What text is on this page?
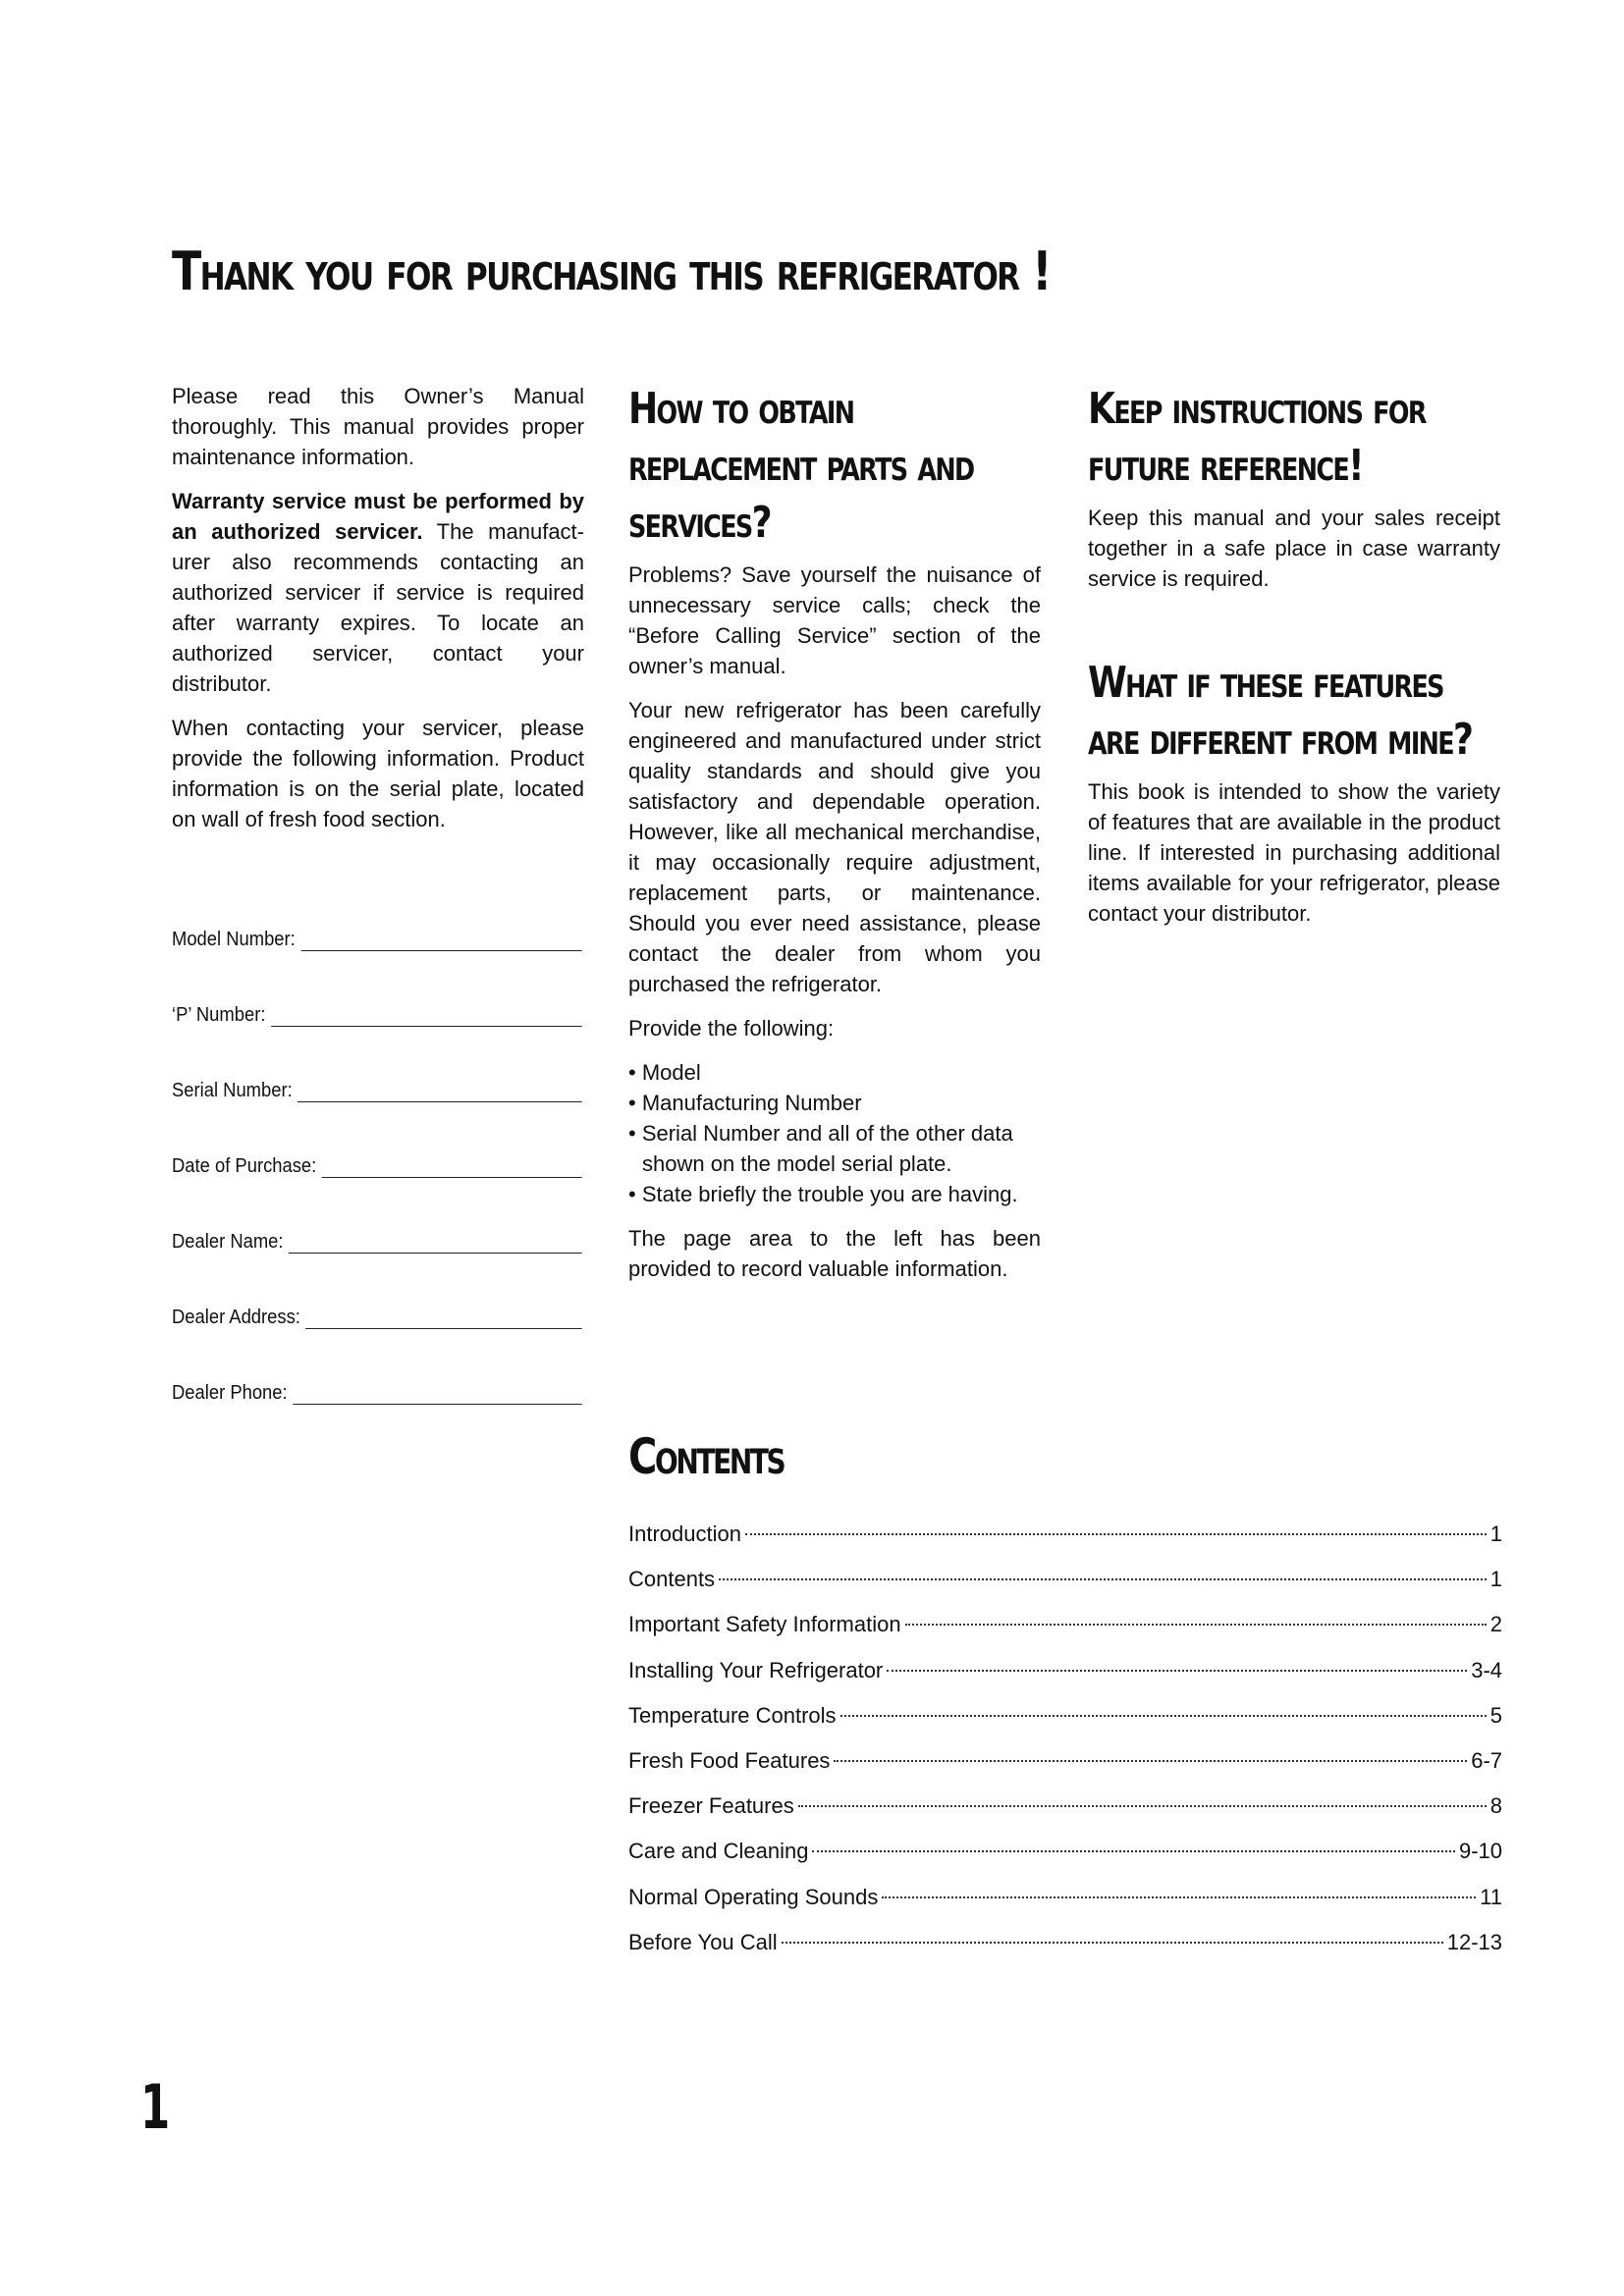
Thank you for purchasing this refrigerator !

Please read this Owner’s Manual thoroughly. This manual provides proper maintenance information.

Warranty service must be performed by an authorized servicer. The manufact-urer also recommends contacting an authorized servicer if service is required after warranty expires. To locate an authorized servicer, contact your distributor.

When contacting your servicer, please provide the following information. Product information is on the serial plate, located on wall of fresh food section.

Model Number:
‘P’ Number:
Serial Number:
Date of Purchase:
Dealer Name:
Dealer Address:
Dealer Phone:
How to obtain replacement parts and services?

Problems? Save yourself the nuisance of unnecessary service calls; check the “Before Calling Service” section of the owner’s manual.

Your new refrigerator has been carefully engineered and manufactured under strict quality standards and should give you satisfactory and dependable operation. However, like all mechanical merchandise, it may occasionally require adjustment, replacement parts, or maintenance. Should you ever need assistance, please contact the dealer from whom you purchased the refrigerator.

Provide the following:

• Model
• Manufacturing Number
• Serial Number and all of the other data shown on the model serial plate.
• State briefly the trouble you are having.

The page area to the left has been provided to record valuable information.

Keep instructions for future reference!

Keep this manual and your sales receipt together in a safe place in case warranty service is required.

What if these features are different from mine?

This book is intended to show the variety of features that are available in the product line. If interested in purchasing additional items available for your refrigerator, please contact your distributor.

Contents
Introduction	1
Contents	1
Important Safety Information	2
Installing Your Refrigerator	3-4
Temperature Controls	5
Fresh Food Features	6-7
Freezer Features	8
Care and Cleaning	9-10
Normal Operating Sounds	11
Before You Call	12-13
1
